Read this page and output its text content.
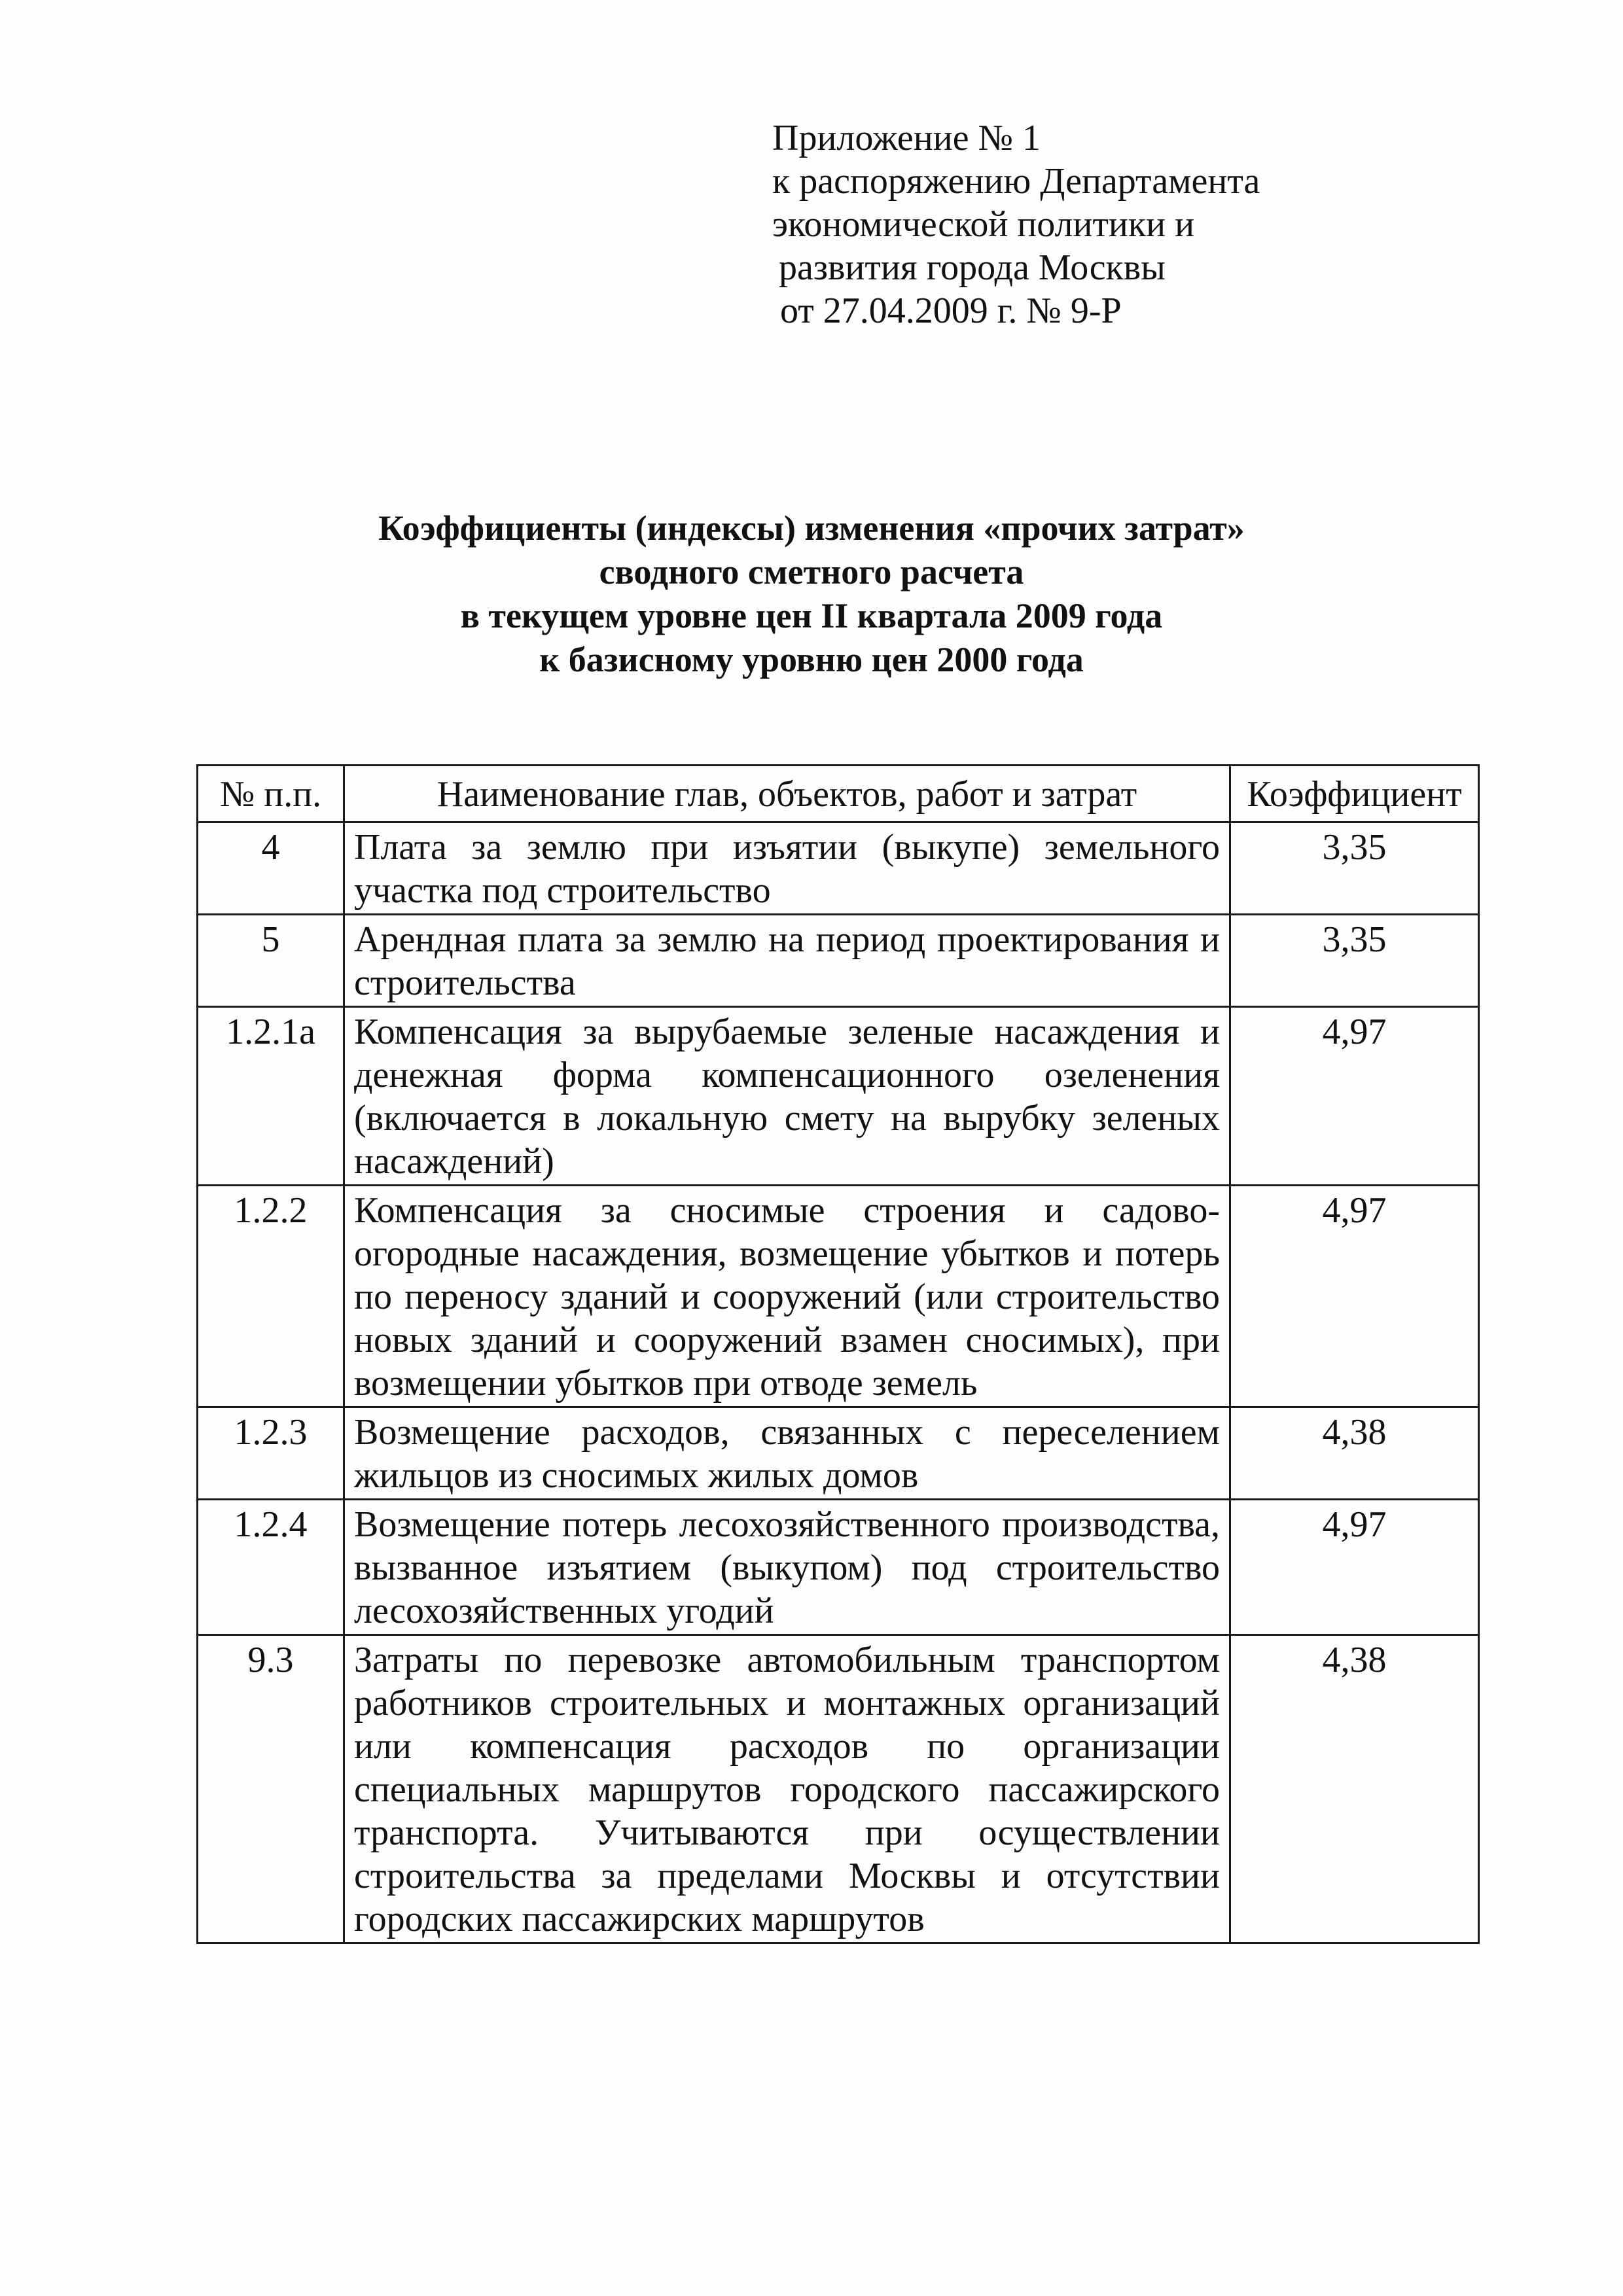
Приложение № 1
к распоряжению Департамента
экономической политики и
развития города Москвы
от 27.04.2009 г. № 9-Р
Коэффициенты (индексы) изменения «прочих затрат»
сводного сметного расчета
в текущем уровне цен II квартала 2009 года
к базисному уровню цен 2000 года
№ п.п.	Наименование глав, объектов, работ и затрат	Коэффициент
4	Плата за землю при изъятии (выкупе) земельного участка под строительство	3,35
5	Арендная плата за землю на период проектирования и строительства	3,35
1.2.1а	Компенсация за вырубаемые зеленые насаждения и денежная форма компенсационного озеленения (включается в локальную смету на вырубку зеленых насаждений)	4,97
1.2.2	Компенсация за сносимые строения и садово-огородные насаждения, возмещение убытков и потерь по переносу зданий и сооружений (или строительство новых зданий и сооружений взамен сносимых), при возмещении убытков при отводе земель	4,97
1.2.3	Возмещение расходов, связанных с переселением жильцов из сносимых жилых домов	4,38
1.2.4	Возмещение потерь лесохозяйственного производства, вызванное изъятием (выкупом) под строительство лесохозяйственных угодий	4,97
9.3	Затраты по перевозке автомобильным транспортом работников строительных и монтажных организаций или компенсация расходов по организации специальных маршрутов городского пассажирского транспорта. Учитываются при осуществлении строительства за пределами Москвы и отсутствии городских пассажирских маршрутов	4,38
